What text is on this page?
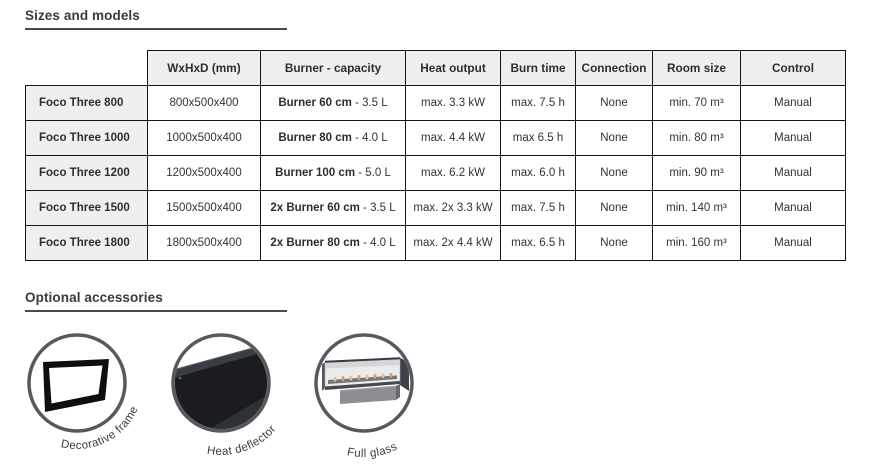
Sizes and models
	WxHxD (mm)	Burner - capacity	Heat output	Burn time	Connection	Room size	Control
Foco Three 800	800x500x400	Burner 60 cm - 3.5 L	max. 3.3 kW	max. 7.5 h	None	min. 70 m³	Manual
Foco Three 1000	1000x500x400	Burner 80 cm - 4.0 L	max. 4.4 kW	max 6.5 h	None	min. 80 m³	Manual
Foco Three 1200	1200x500x400	Burner 100 cm - 5.0 L	max. 6.2 kW	max. 6.0 h	None	min. 90 m³	Manual
Foco Three 1500	1500x500x400	2x Burner 60 cm - 3.5 L	max. 2x 3.3 kW	max. 7.5 h	None	min. 140 m³	Manual
Foco Three 1800	1800x500x400	2x Burner 80 cm - 4.0 L	max. 2x 4.4 kW	max. 6.5 h	None	min. 160 m³	Manual
Optional accessories
Decorative frame
Heat deflector
Full glass
